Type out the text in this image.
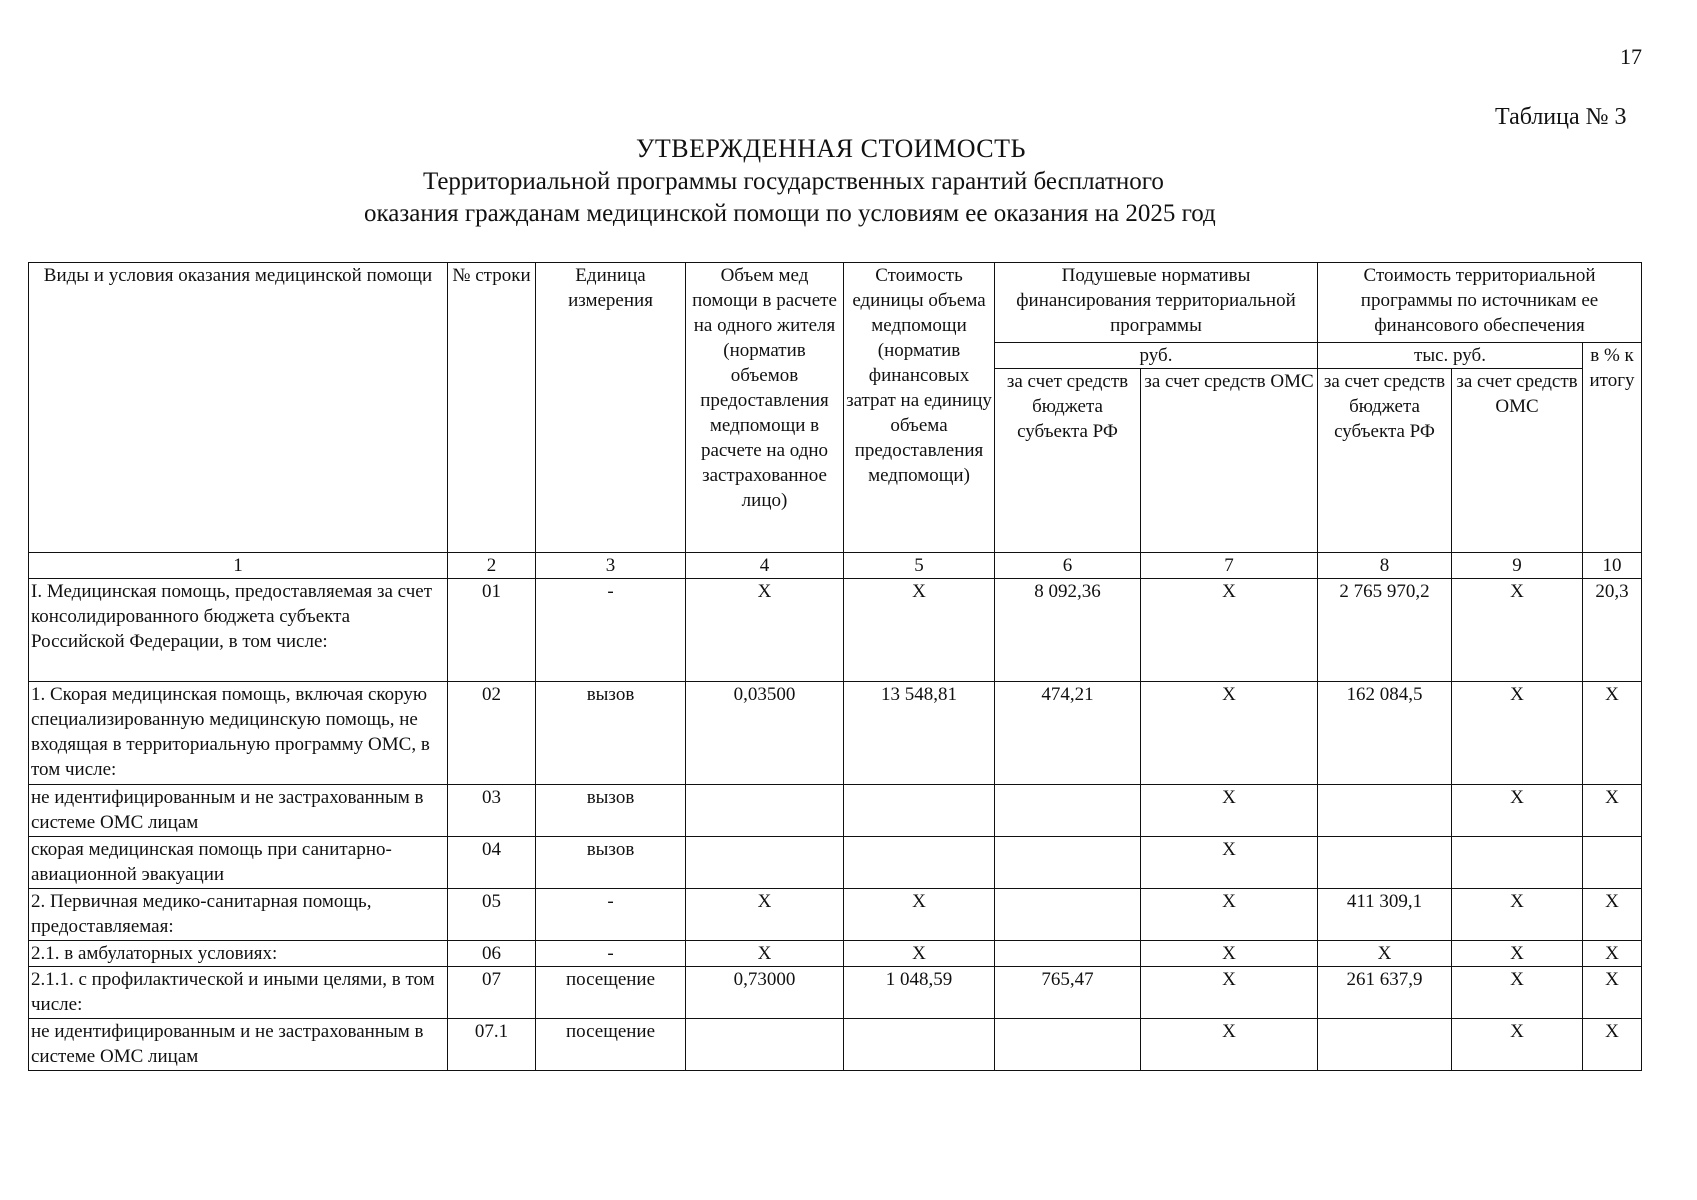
17
Таблица № 3
УТВЕРЖДЕННАЯ СТОИМОСТЬ
Территориальной программы государственных гарантий бесплатного
оказания гражданам медицинской помощи по условиям ее оказания на 2025 год
Виды и условия оказания медицинской помощи	№ строки	Единица измерения	Объем мед помощи в расчете на одного жителя (норматив объемов предоставления медпомощи в расчете на одно застрахованное лицо)	Стоимость единицы объема медпомощи (норматив финансовых затрат на единицу объема предоставления медпомощи)	Подушевые нормативы финансирования территориальной программы		Стоимость территориальной программы по источникам ее финансового обеспечения		
					руб.		тыс. руб.		в % к итогу
					за счет средств бюджета субъекта РФ	за счет средств ОМС	за счет средств бюджета субъекта РФ	за счет средств ОМС	
1	2	3	4	5	6	7	8	9	10
I. Медицинская помощь, предоставляемая за счет консолидированного бюджета субъекта Российской Федерации, в том числе:	01	-	X	X	8 092,36	X	2 765 970,2	X	20,3
1. Скорая медицинская помощь, включая скорую специализированную медицинскую помощь, не входящая в территориальную программу ОМС, в том числе:	02	вызов	0,03500	13 548,81	474,21	X	162 084,5	X	X
не идентифицированным и не застрахованным в системе ОМС лицам	03	вызов				X		X	X
скорая медицинская помощь при санитарно-авиационной эвакуации	04	вызов				X			
2. Первичная медико-санитарная помощь, предоставляемая:	05	-	X	X		X	411 309,1	X	X
2.1. в амбулаторных условиях:	06	-	X	X		X	X	X	X
2.1.1. с профилактической и иными целями, в том числе:	07	посещение	0,73000	1 048,59	765,47	X	261 637,9	X	X
не идентифицированным и не застрахованным в системе ОМС лицам	07.1	посещение				X		X	X
